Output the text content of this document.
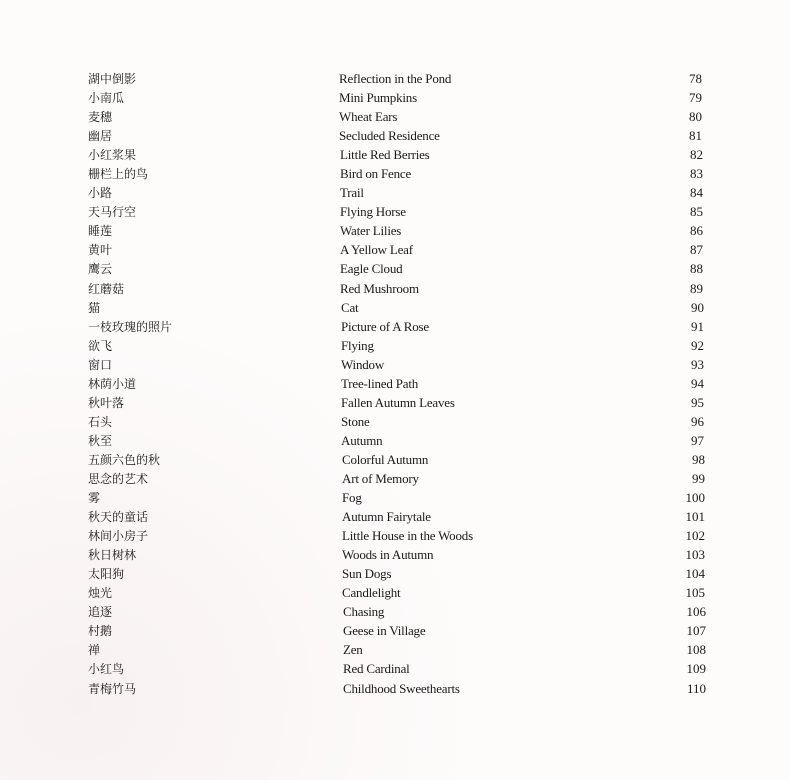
湖中倒影	Reflection in the Pond	78
小南瓜	Mini Pumpkins	79
麦穗	Wheat Ears	80
幽居	Secluded Residence	81
小红浆果	Little Red Berries	82
栅栏上的鸟	Bird on Fence	83
小路	Trail	84
天马行空	Flying Horse	85
睡莲	Water Lilies	86
黄叶	A Yellow Leaf	87
鹰云	Eagle Cloud	88
红蘑菇	Red Mushroom	89
猫	Cat	90
一枝玫瑰的照片	Picture of A Rose	91
欲飞	Flying	92
窗口	Window	93
林荫小道	Tree-lined Path	94
秋叶落	Fallen Autumn Leaves	95
石头	Stone	96
秋至	Autumn	97
五颜六色的秋	Colorful Autumn	98
思念的艺术	Art of Memory	99
雾	Fog	100
秋天的童话	Autumn Fairytale	101
林间小房子	Little House in the Woods	102
秋日树林	Woods in Autumn	103
太阳狗	Sun Dogs	104
烛光	Candlelight	105
追逐	Chasing	106
村鹅	Geese in Village	107
禅	Zen	108
小红鸟	Red Cardinal	109
青梅竹马	Childhood Sweethearts	110
